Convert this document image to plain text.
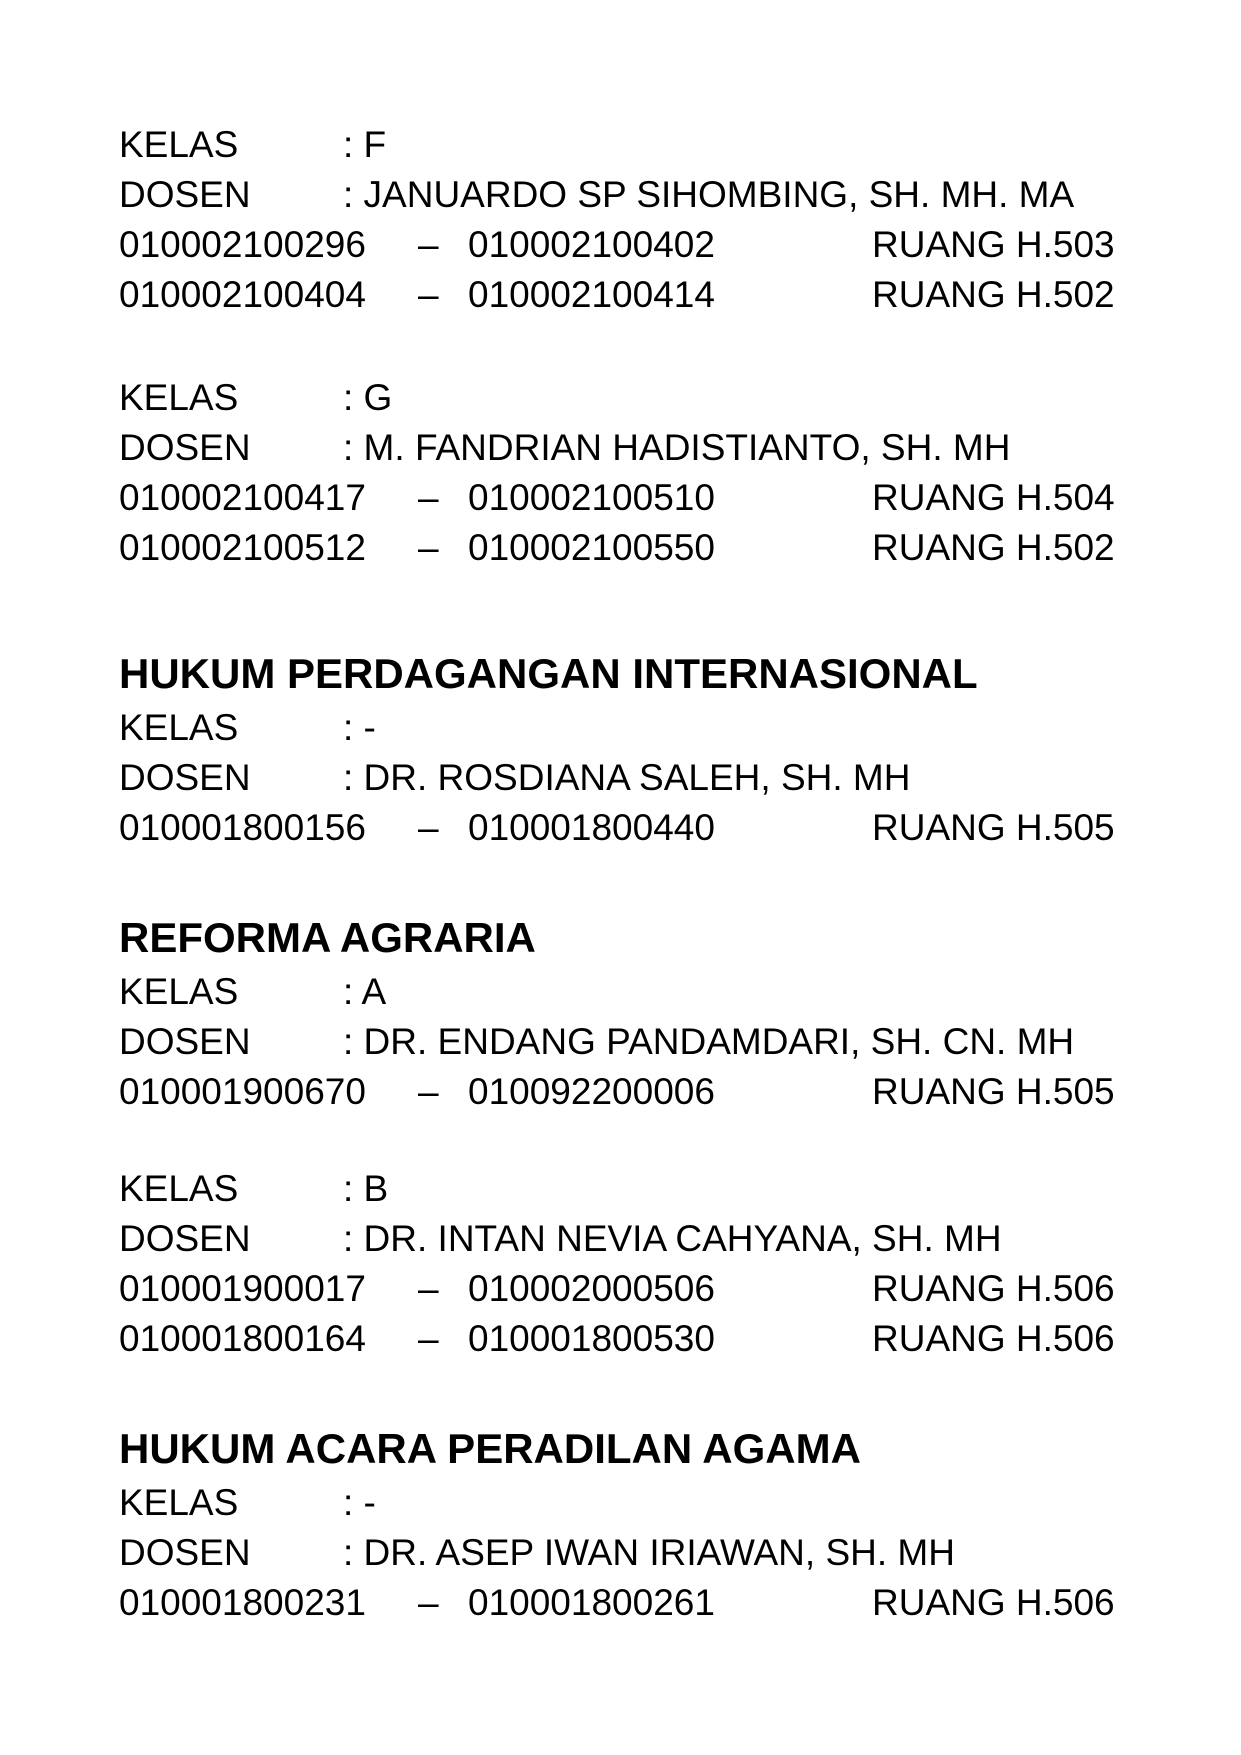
KELAS	: F
DOSEN : JANUARDO SP SIHOMBING, SH. MH. MA
010002100296 – 010002100402	RUANG H.503
010002100404 – 010002100414	RUANG H.502
KELAS	: G
DOSEN : M. FANDRIAN HADISTIANTO, SH. MH
010002100417 – 010002100510	RUANG H.504
010002100512 – 010002100550	RUANG H.502
HUKUM PERDAGANGAN INTERNASIONAL
KELAS	: -
DOSEN : DR. ROSDIANA SALEH, SH. MH
010001800156 – 010001800440	RUANG H.505
REFORMA AGRARIA
KELAS	: A
DOSEN : DR. ENDANG PANDAMDARI, SH. CN. MH
010001900670 – 010092200006	RUANG H.505
KELAS	: B
DOSEN : DR. INTAN NEVIA CAHYANA, SH. MH
010001900017 – 010002000506	RUANG H.506
010001800164 – 010001800530	RUANG H.506
HUKUM ACARA PERADILAN AGAMA
KELAS	: -
DOSEN : DR. ASEP IWAN IRIAWAN, SH. MH
010001800231 – 010001800261	RUANG H.506
